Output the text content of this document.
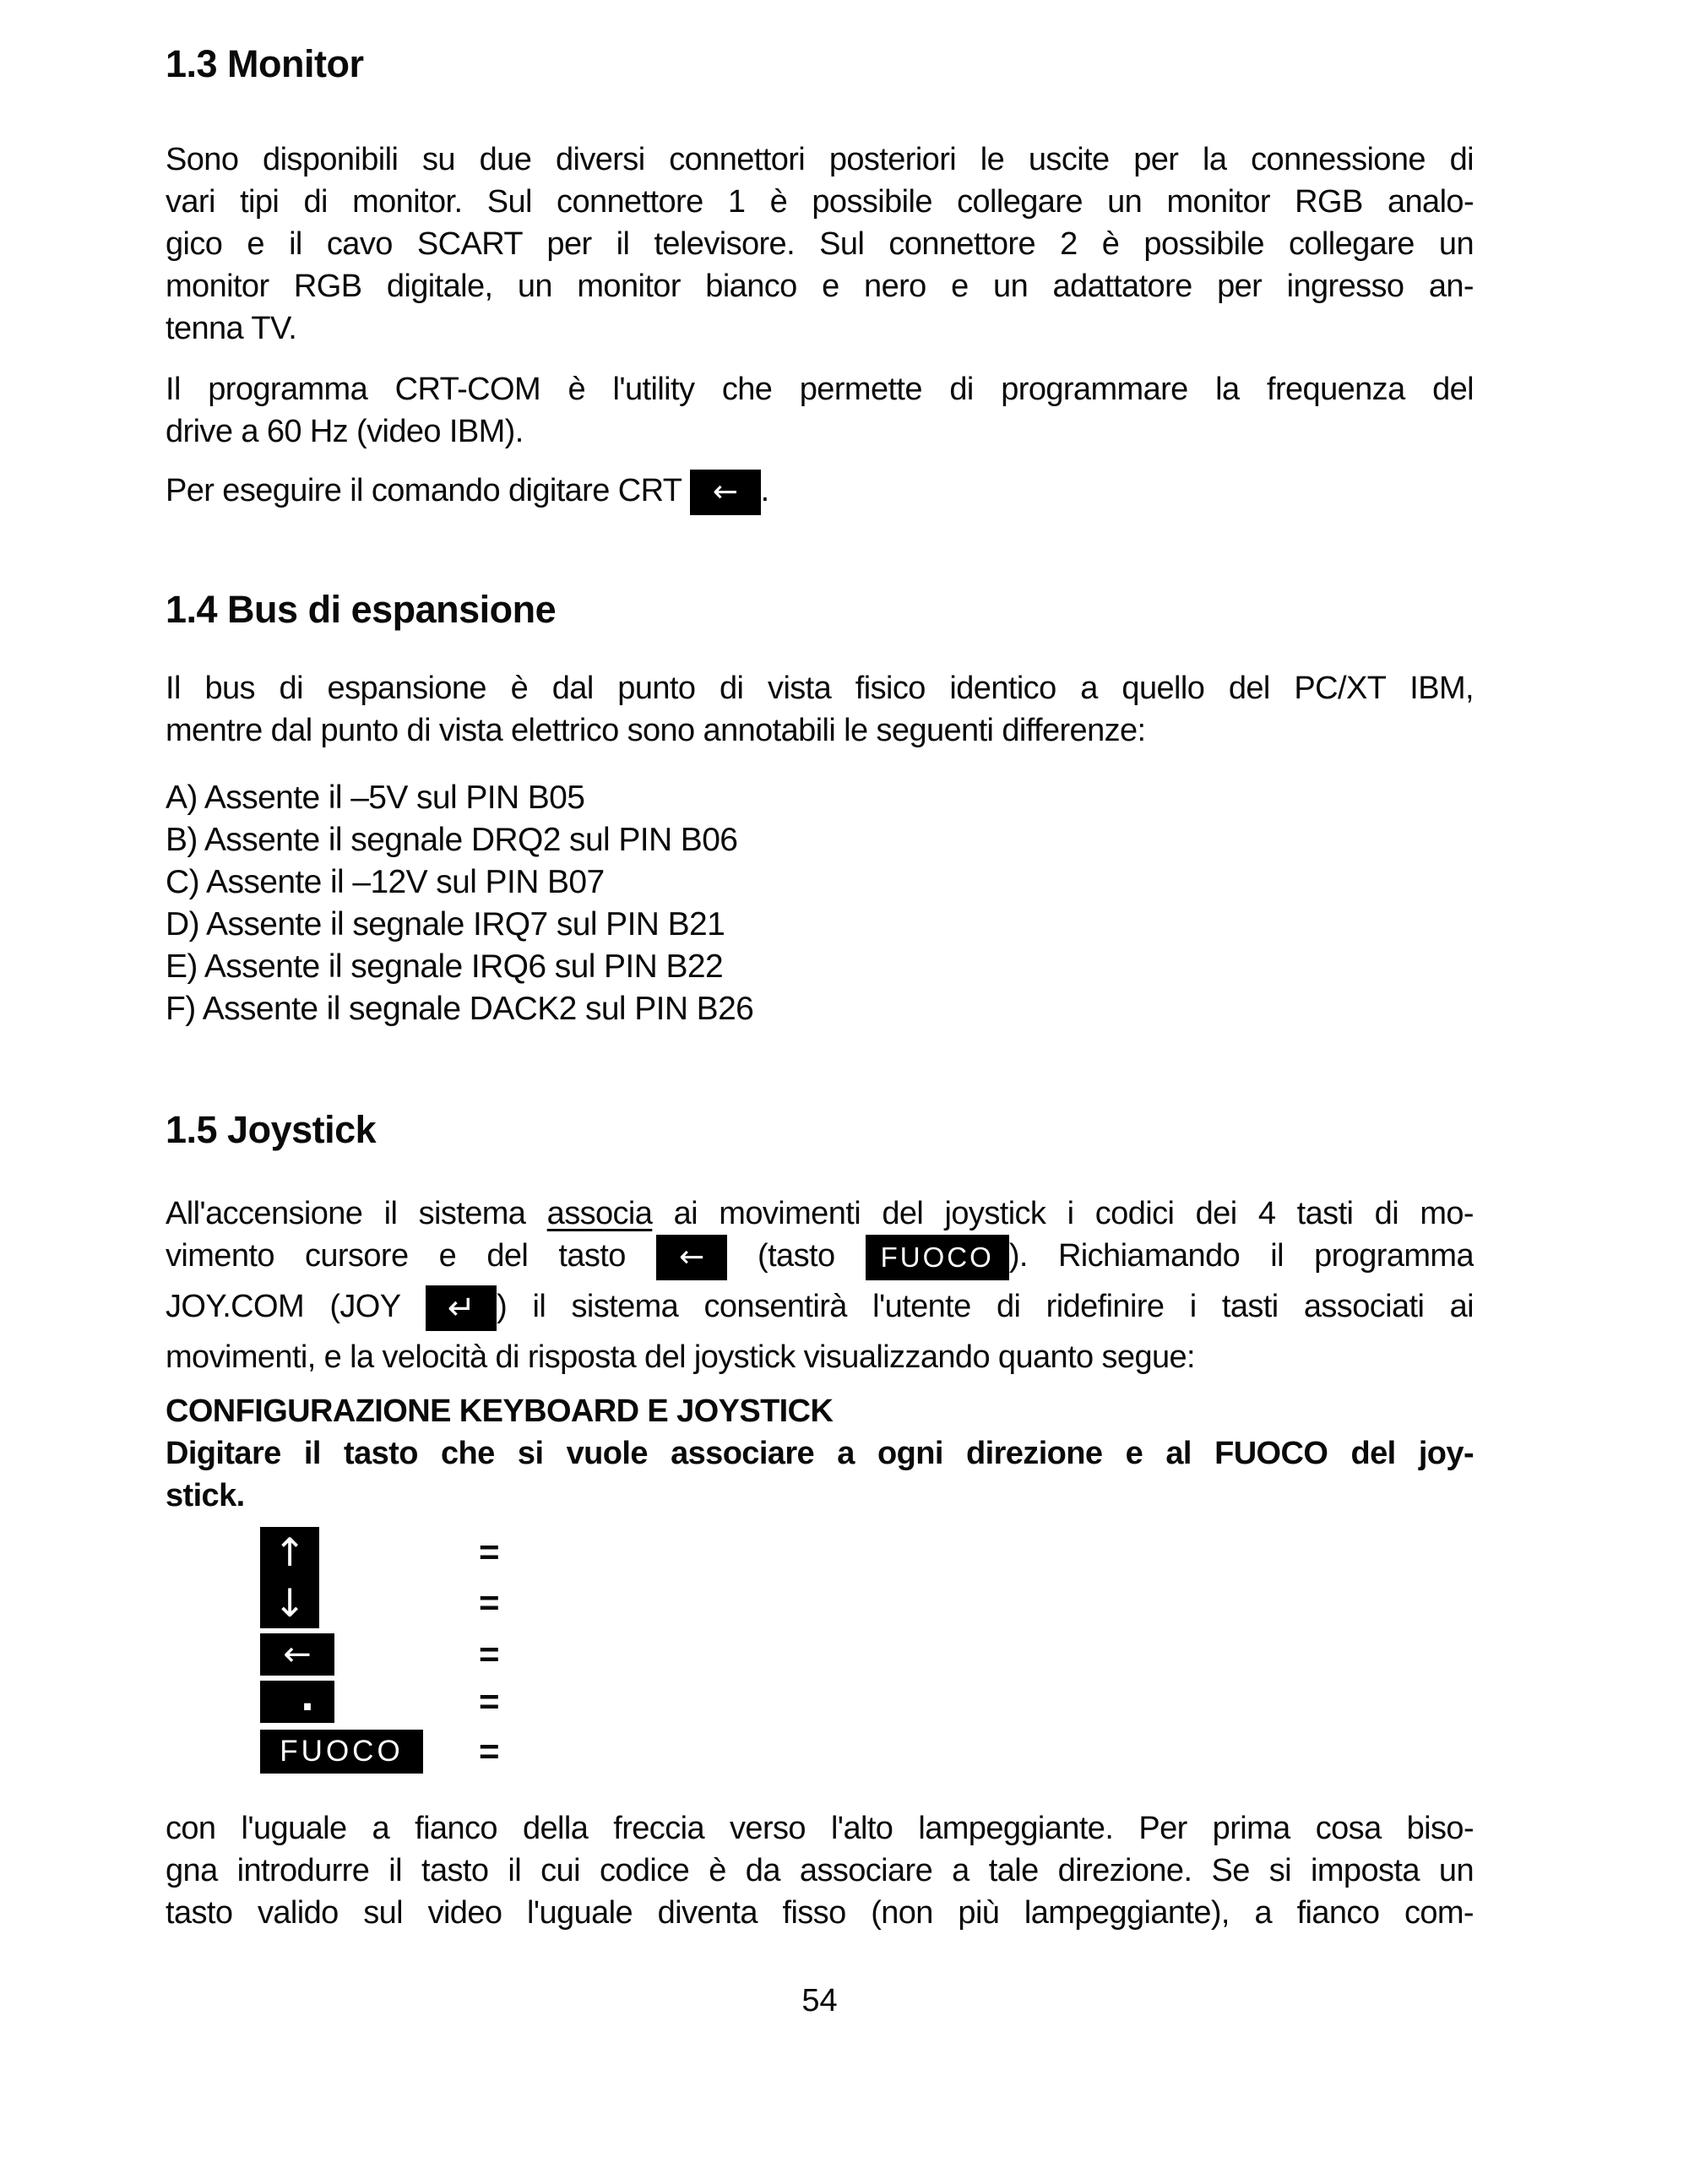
1.3 Monitor
Sono disponibili su due diversi connettori posteriori le uscite per la connessione di
vari tipi di monitor. Sul connettore 1 è possibile collegare un monitor RGB analo-
gico e il cavo SCART per il televisore. Sul connettore 2 è possibile collegare un
monitor RGB digitale, un monitor bianco e nero e un adattatore per ingresso an-
tenna TV.
Il programma CRT-COM è l'utility che permette di programmare la frequenza del
drive a 60 Hz (video IBM).
Per eseguire il comando digitare CRT ← .
1.4 Bus di espansione
Il bus di espansione è dal punto di vista fisico identico a quello del PC/XT IBM,
mentre dal punto di vista elettrico sono annotabili le seguenti differenze:
A) Assente il –5V sul PIN B05
B) Assente il segnale DRQ2 sul PIN B06
C) Assente il –12V sul PIN B07
D) Assente il segnale IRQ7 sul PIN B21
E) Assente il segnale IRQ6 sul PIN B22
F) Assente il segnale DACK2 sul PIN B26
1.5 Joystick
All'accensione il sistema associa ai movimenti del joystick i codici dei 4 tasti di mo-
vimento cursore e del tasto ← (tasto FUOCO ). Richiamando il programma
JOY.COM (JOY ↵ ) il sistema consentirà l'utente di ridefinire i tasti associati ai
movimenti, e la velocità di risposta del joystick visualizzando quanto segue:
CONFIGURAZIONE KEYBOARD E JOYSTICK
Digitare il tasto che si vuole associare a ogni direzione e al FUOCO del joy-
stick.
↑	=
↓	=
←	=
·	=
FUOCO	=
con l'uguale a fianco della freccia verso l'alto lampeggiante. Per prima cosa biso-
gna introdurre il tasto il cui codice è da associare a tale direzione. Se si imposta un
tasto valido sul video l'uguale diventa fisso (non più lampeggiante), a fianco com-
54
